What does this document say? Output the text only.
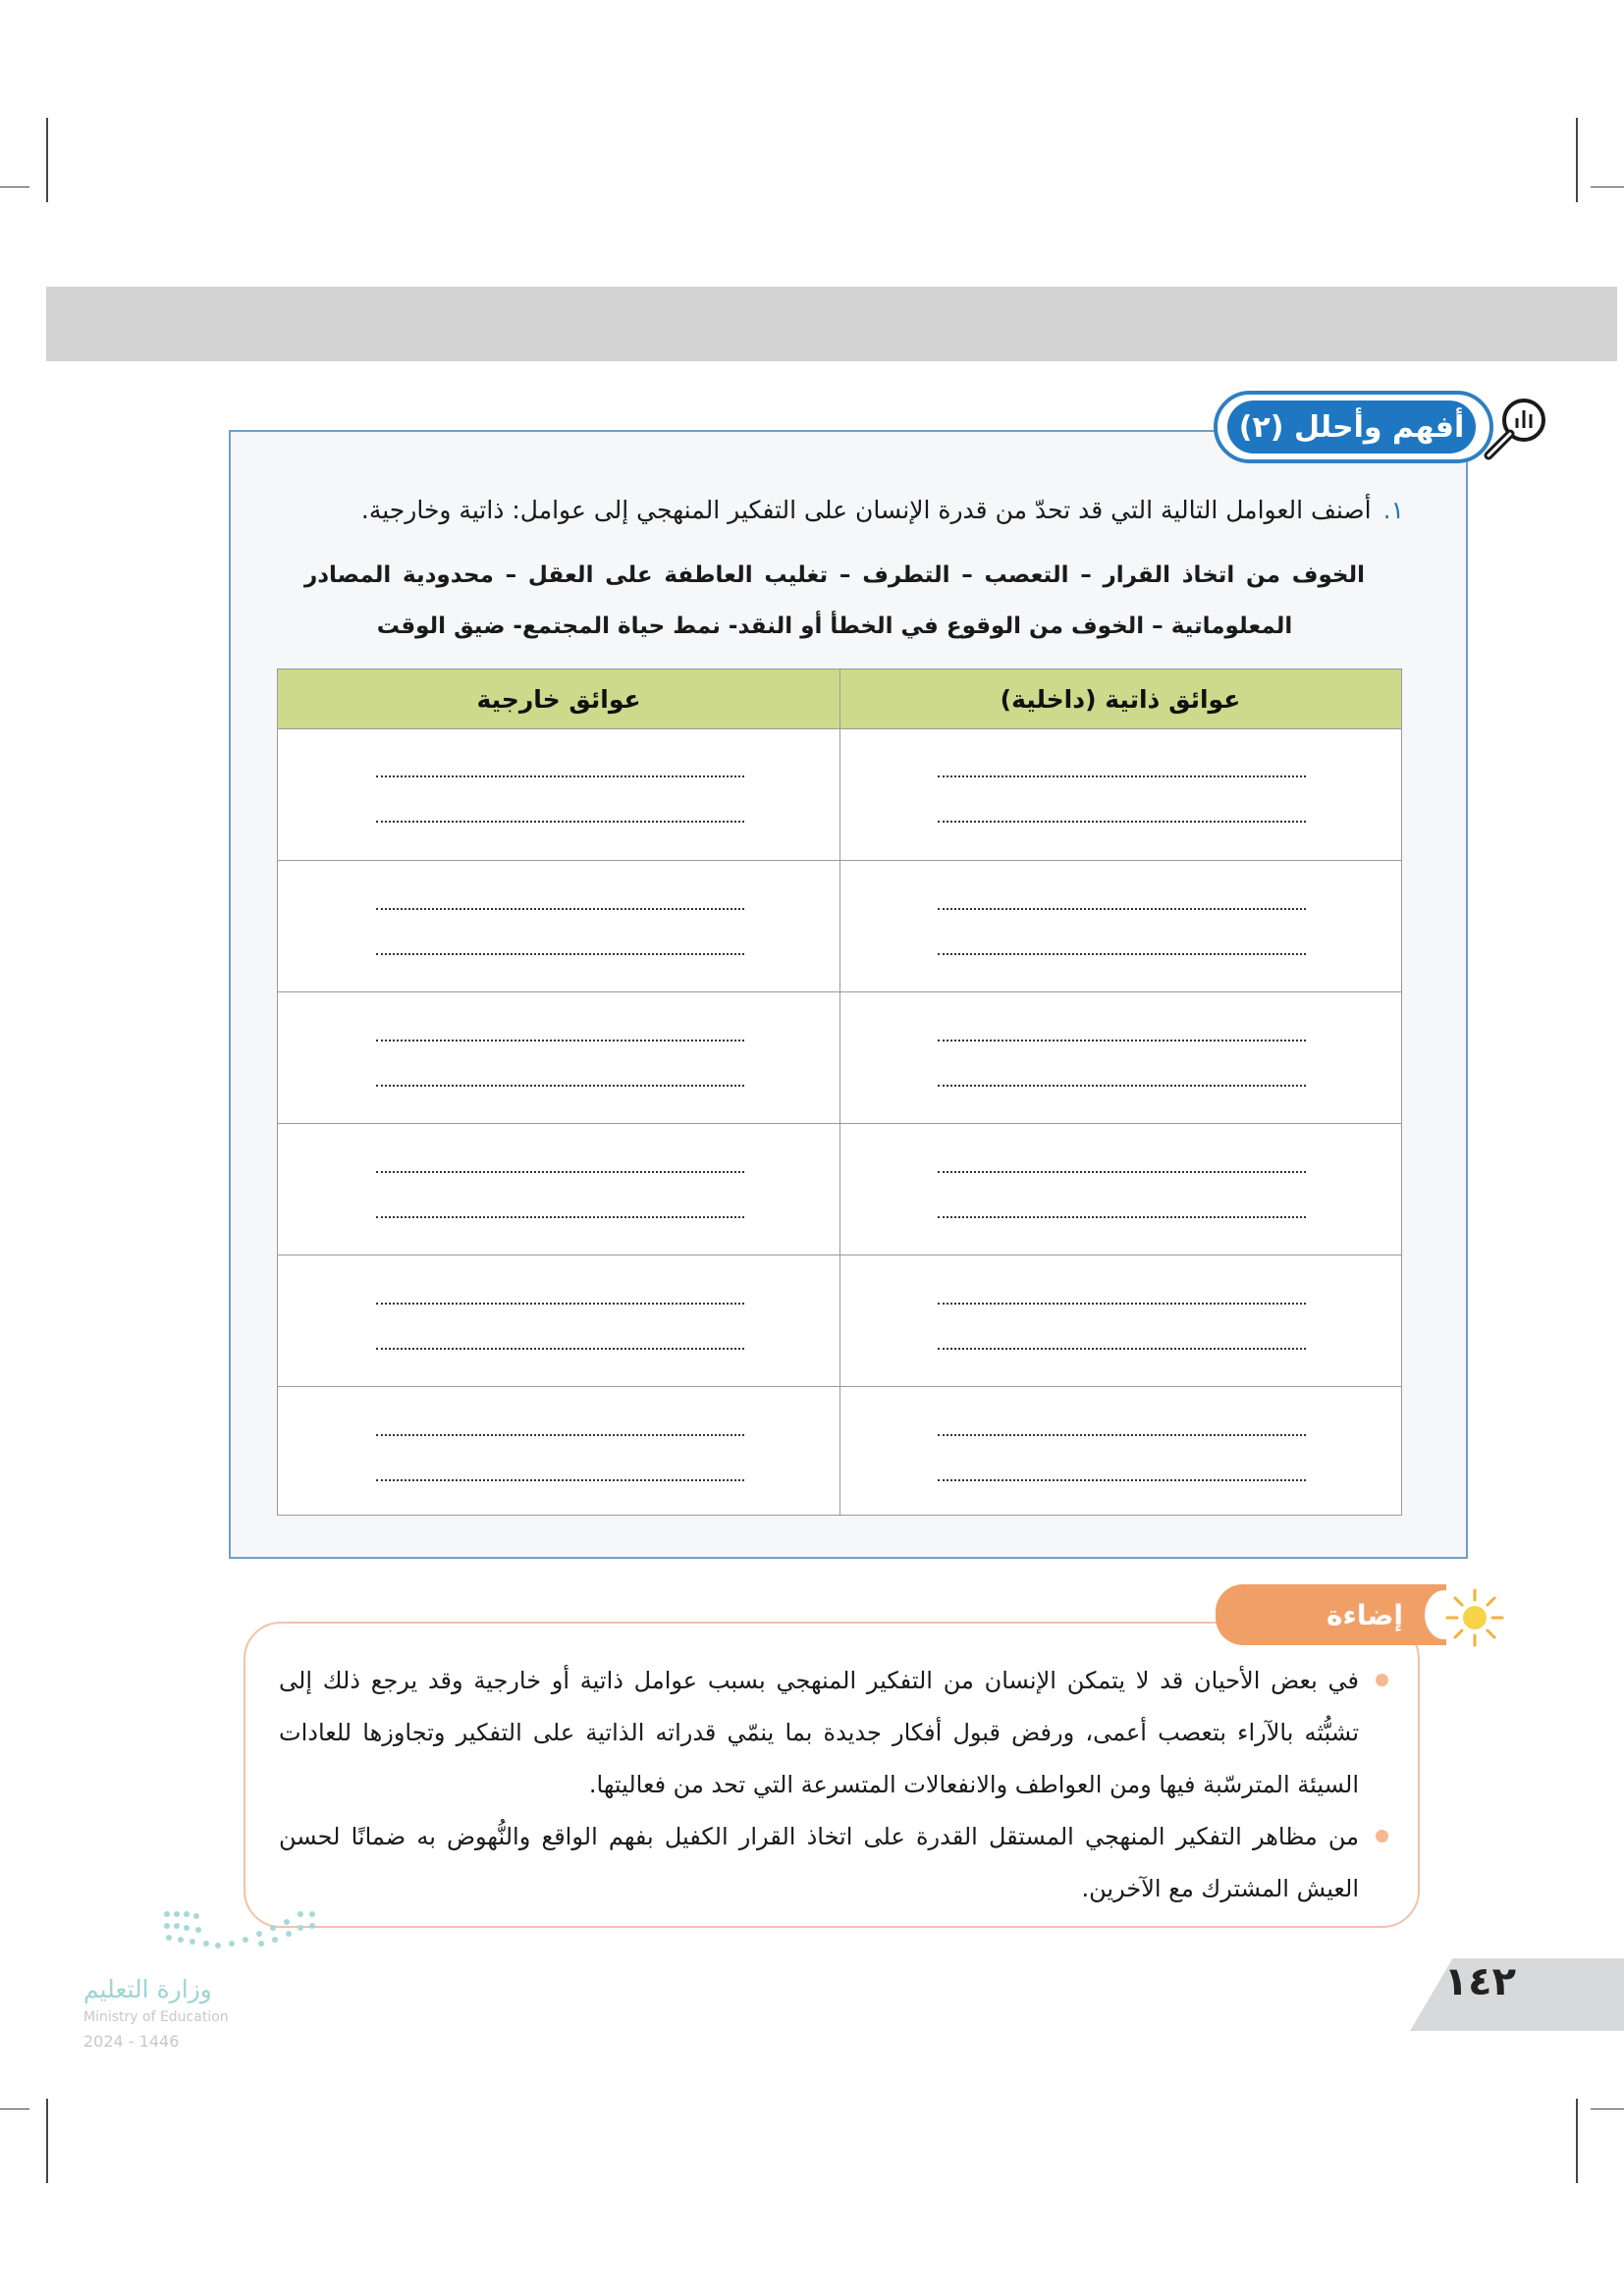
أفهم وأحلل (٢)
١.أصنف العوامل التالية التي قد تحدّ من قدرة الإنسان على التفكير المنهجي إلى عوامل: ذاتية وخارجية.
الخوف من اتخاذ القرار – التعصب – التطرف – تغليب العاطفة على العقل – محدودية المصادر المعلوماتية – الخوف من الوقوع في الخطأ أو النقد- نمط حياة المجتمع- ضيق الوقت
عوائق ذاتية (داخلية)
عوائق خارجية
إضاءة
في بعض الأحيان قد لا يتمكن الإنسان من التفكير المنهجي بسبب عوامل ذاتية أو خارجية وقد يرجع ذلك إلى تشبُّثه بالآراء بتعصب أعمى، ورفض قبول أفكار جديدة بما ينمّي قدراته الذاتية على التفكير وتجاوزها للعادات السيئة المترسّبة فيها ومن العواطف والانفعالات المتسرعة التي تحد من فعاليتها.
من مظاهر التفكير المنهجي المستقل القدرة على اتخاذ القرار الكفيل بفهم الواقع والنُّهوض به ضمانًا لحسن العيش المشترك مع الآخرين.
١٤٢
وزارة التعليم
Ministry of Education
2024 - 1446
